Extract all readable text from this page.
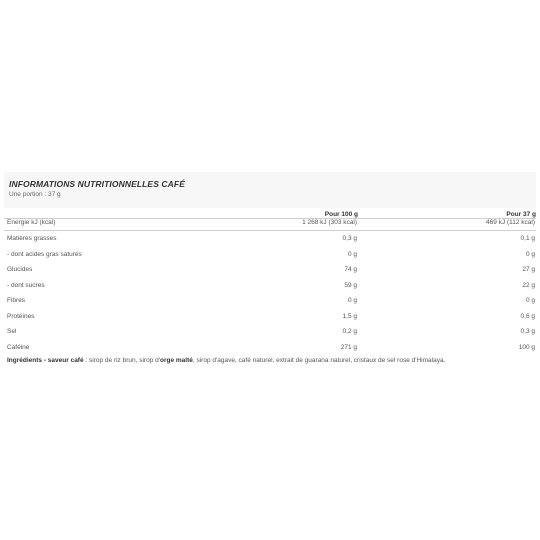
INFORMATIONS NUTRITIONNELLES CAFÉ
Une portion : 37 g
	Pour 100 g	Pour 37 g
Energie kJ (kcal)	1 268 kJ (303 kcal)	469 kJ (112 kcal)
Matières grasses	0,3 g	0,1 g
- dont acides gras saturés	0 g	0 g
Glucides	74 g	27 g
- dont sucres	59 g	22 g
Fibres	0 g	0 g
Protéines	1,5 g	0,6 g
Sel	0,2 g	0,3 g
Caféine	271 g	100 g
Ingrédients - saveur café : sirop de riz brun, sirop d'orge malté, sirop d'agave, café naturel, extrait de guarana naturel, cristaux de sel rose d'Himalaya.
